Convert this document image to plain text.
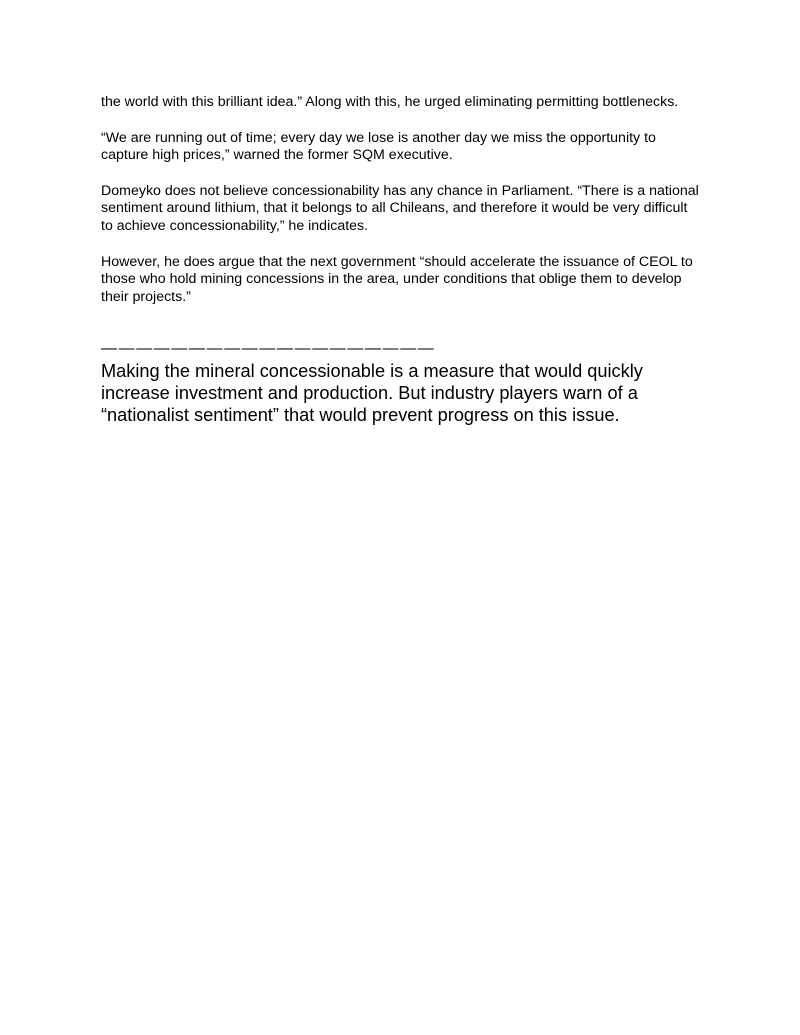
the world with this brilliant idea.” Along with this, he urged eliminating permitting bottlenecks.

“We are running out of time; every day we lose is another day we miss the opportunity to capture high prices,” warned the former SQM executive.

Domeyko does not believe concessionability has any chance in Parliament. “There is a national sentiment around lithium, that it belongs to all Chileans, and therefore it would be very difficult to achieve concessionability,” he indicates.

However, he does argue that the next government “should accelerate the issuance of CEOL to those who hold mining concessions in the area, under conditions that oblige them to develop their projects.”

———————————————————

Making the mineral concessionable is a measure that would quickly increase investment and production. But industry players warn of a “nationalist sentiment” that would prevent progress on this issue.
